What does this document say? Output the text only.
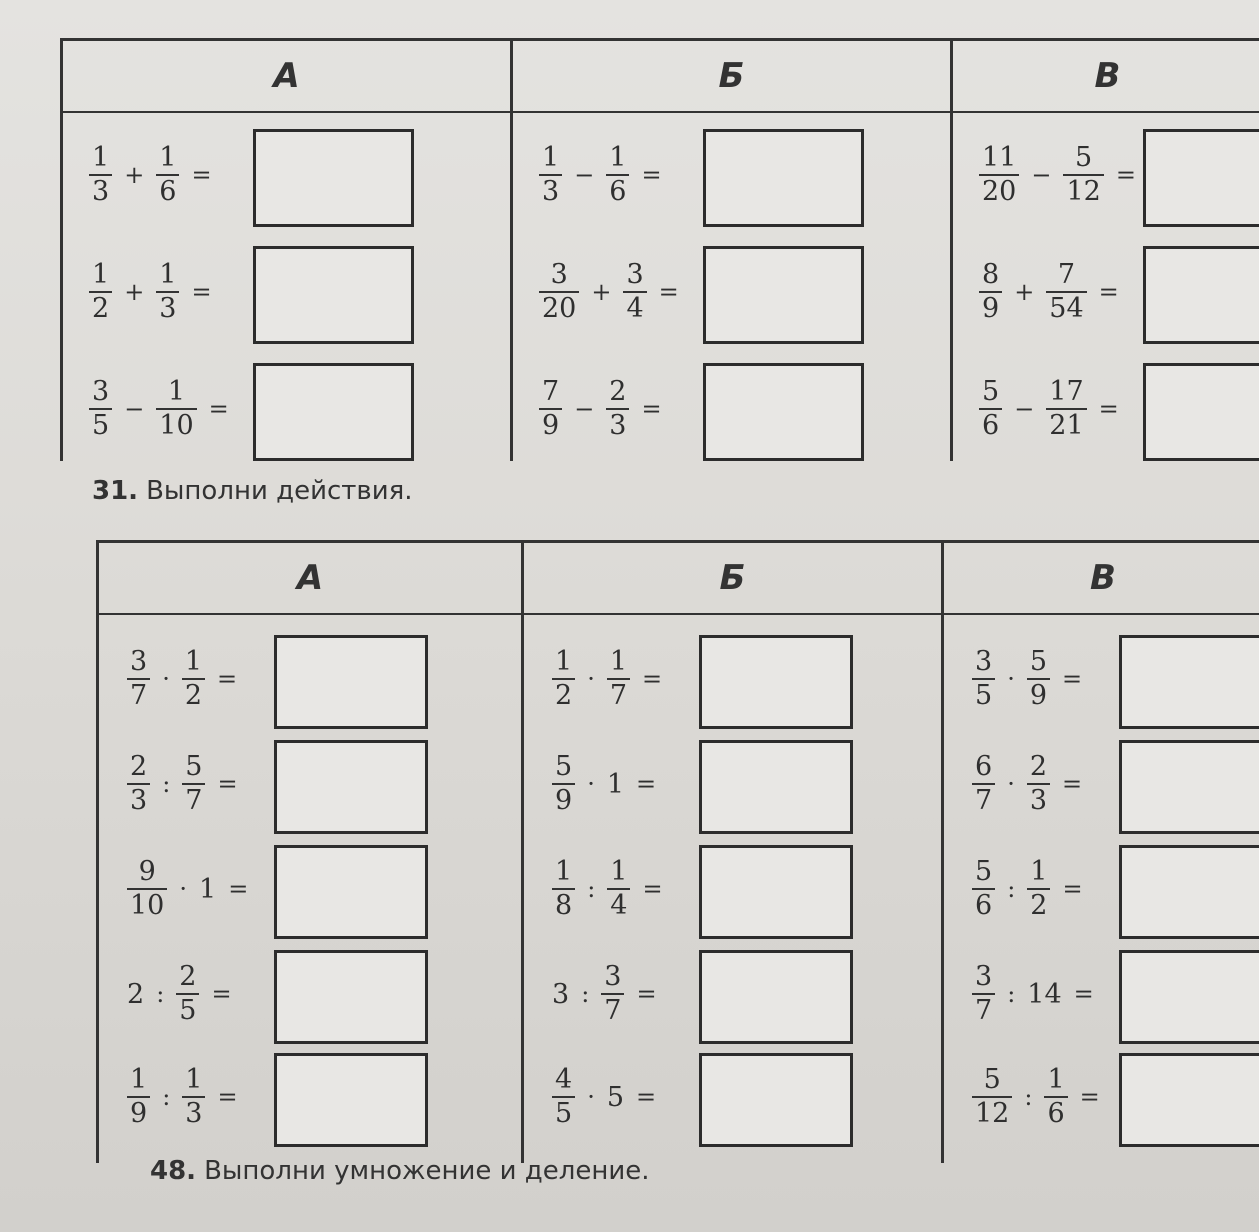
А
$\frac{1}{3} + \frac{1}{6}$ =
$\frac{1}{2} + \frac{1}{3}$ =
$\frac{3}{5} - \frac{1}{10}$ =
Б
$\frac{1}{3} - \frac{1}{6}$ =
$\frac{3}{20} + \frac{3}{4}$ =
$\frac{7}{9} - \frac{2}{3}$ =
В
$\frac{11}{20} - \frac{5}{12}$ =
$\frac{8}{9} + \frac{7}{54}$ =
$\frac{5}{6} - \frac{17}{21}$ =
31. Выполни действия.
А
$\frac{3}{7} \cdot \frac{1}{2}$ =
$\frac{2}{3}$ : $\frac{5}{7}$ =
$\frac{9}{10} \cdot 1$ =
2 : $\frac{2}{5}$ =
$\frac{1}{9}$ : $\frac{1}{3}$ =
Б
$\frac{1}{2} \cdot \frac{1}{7}$ =
$\frac{5}{9} \cdot 1$ =
$\frac{1}{8}$ : $\frac{1}{4}$ =
3 : $\frac{3}{7}$ =
$\frac{4}{5} \cdot 5$ =
В
$\frac{3}{5} \cdot \frac{5}{9}$ =
$\frac{6}{7} \cdot \frac{2}{3}$ =
$\frac{5}{6}$ : $\frac{1}{2}$ =
$\frac{3}{7}$ : 14 =
$\frac{5}{12}$ : $\frac{1}{6}$ =
48. Выполни умножение и деление.
